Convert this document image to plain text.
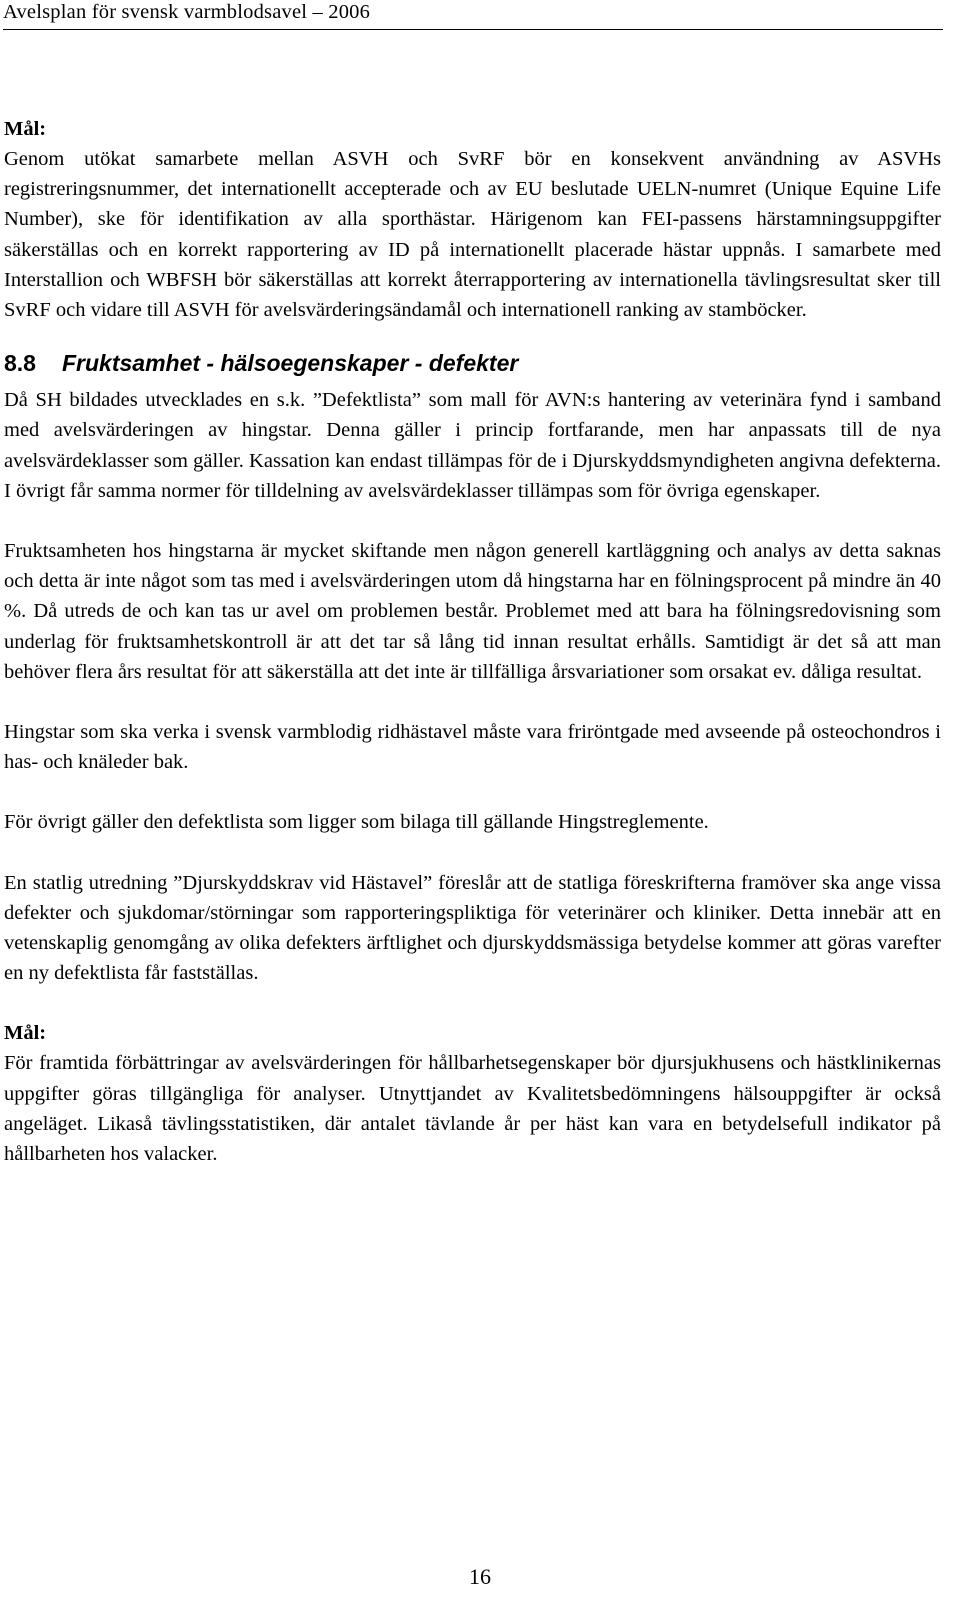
Avelsplan för svensk varmblodsavel – 2006
Mål:

Genom utökat samarbete mellan ASVH och SvRF bör en konsekvent användning av ASVHs registreringsnummer, det internationellt accepterade och av EU beslutade UELN-numret (Unique Equine Life Number), ske för identifikation av alla sporthästar. Härigenom kan FEI-passens härstamningsuppgifter säkerställas och en korrekt rapportering av ID på internationellt placerade hästar uppnås. I samarbete med Interstallion och WBFSH bör säkerställas att korrekt återrapportering av internationella tävlingsresultat sker till SvRF och vidare till ASVH för avelsvärderingsändamål och internationell ranking av stamböcker.

8.8	Fruktsamhet - hälsoegenskaper - defekter

Då SH bildades utvecklades en s.k. ”Defektlista” som mall för AVN:s hantering av veterinära fynd i samband med avelsvärderingen av hingstar. Denna gäller i princip fortfarande, men har anpassats till de nya avelsvärdeklasser som gäller. Kassation kan endast tillämpas för de i Djurskyddsmyndigheten angivna defekterna. I övrigt får samma normer för tilldelning av avelsvärdeklasser tillämpas som för övriga egenskaper.

Fruktsamheten hos hingstarna är mycket skiftande men någon generell kartläggning och analys av detta saknas och detta är inte något som tas med i avelsvärderingen utom då hingstarna har en fölningsprocent på mindre än 40 %. Då utreds de och kan tas ur avel om problemen består. Problemet med att bara ha fölningsredovisning som underlag för fruktsamhetskontroll är att det tar så lång tid innan resultat erhålls. Samtidigt är det så att man behöver flera års resultat för att säkerställa att det inte är tillfälliga årsvariationer som orsakat ev. dåliga resultat.

Hingstar som ska verka i svensk varmblodig ridhästavel måste vara friröntgade med avseende på osteochondros i has- och knäleder bak.

För övrigt gäller den defektlista som ligger som bilaga till gällande Hingstreglemente.

En statlig utredning ”Djurskyddskrav vid Hästavel” föreslår att de statliga föreskrifterna framöver ska ange vissa defekter och sjukdomar/störningar som rapporteringspliktiga för veterinärer och kliniker. Detta innebär att en vetenskaplig genomgång av olika defekters ärftlighet och djurskyddsmässiga betydelse kommer att göras varefter en ny defektlista får fastställas.

Mål:

För framtida förbättringar av avelsvärderingen för hållbarhetsegenskaper bör djursjukhusens och hästklinikernas uppgifter göras tillgängliga för analyser. Utnyttjandet av Kvalitetsbedömningens hälsouppgifter är också angeläget. Likaså tävlingsstatistiken, där antalet tävlande år per häst kan vara en betydelsefull indikator på hållbarheten hos valacker.

16
